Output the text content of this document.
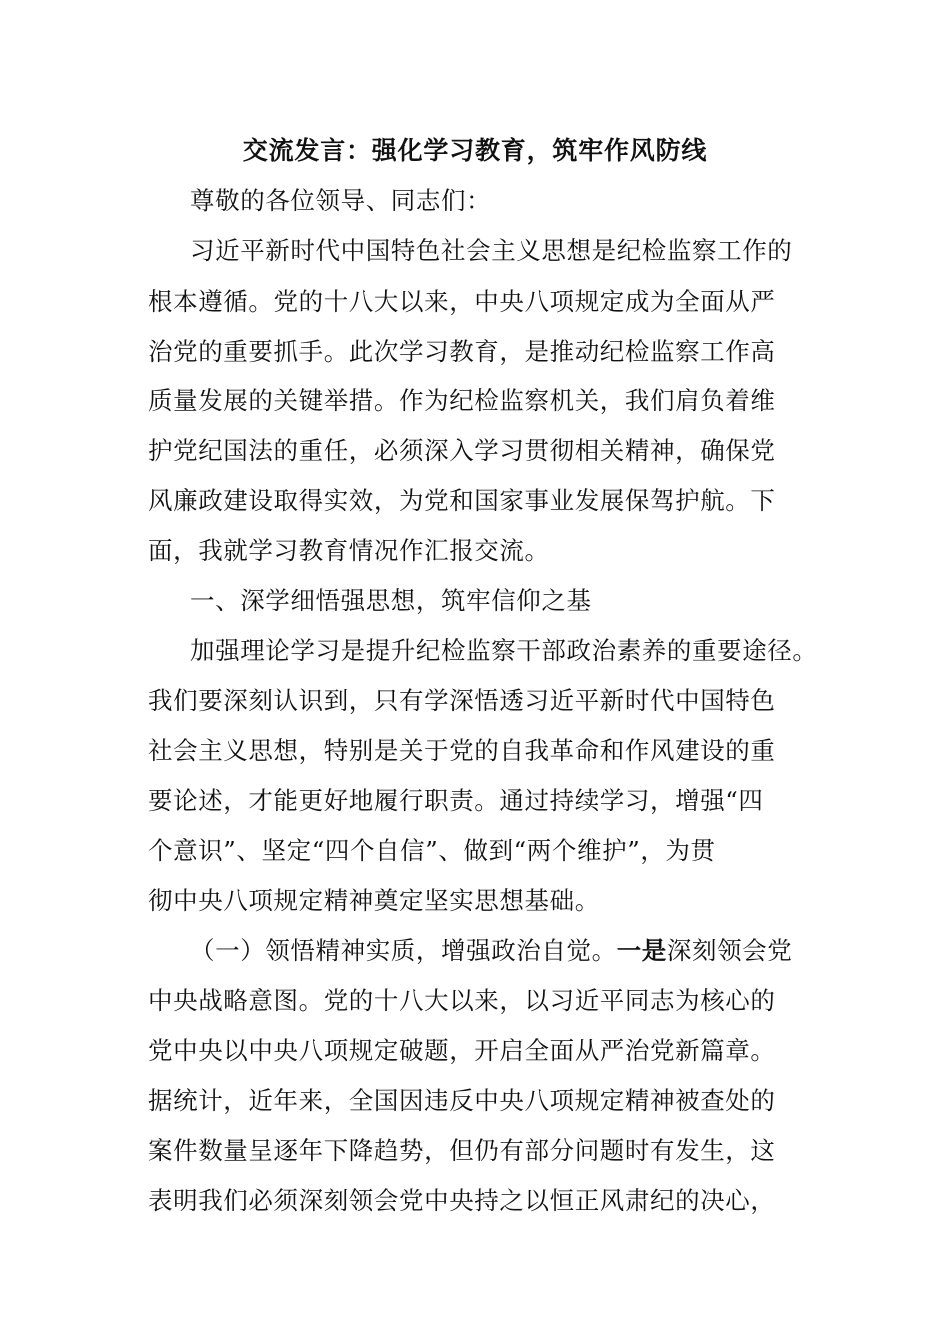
交流发言：强化学习教育，筑牢作风防线
尊敬的各位领导、同志们：
习近平新时代中国特色社会主义思想是纪检监察工作的
根本遵循。党的十八大以来，中央八项规定成为全面从严
治党的重要抓手。此次学习教育，是推动纪检监察工作高
质量发展的关键举措。作为纪检监察机关，我们肩负着维
护党纪国法的重任，必须深入学习贯彻相关精神，确保党
风廉政建设取得实效，为党和国家事业发展保驾护航。下
面，我就学习教育情况作汇报交流。
一、深学细悟强思想，筑牢信仰之基
加强理论学习是提升纪检监察干部政治素养的重要途径。
我们要深刻认识到，只有学深悟透习近平新时代中国特色
社会主义思想，特别是关于党的自我革命和作风建设的重
要论述，才能更好地履行职责。通过持续学习，增强“四
个意识”、坚定“四个自信”、做到“两个维护”，为贯
彻中央八项规定精神奠定坚实思想基础。
（一）领悟精神实质，增强政治自觉。一是深刻领会党
中央战略意图。党的十八大以来，以习近平同志为核心的
党中央以中央八项规定破题，开启全面从严治党新篇章。
据统计，近年来，全国因违反中央八项规定精神被查处的
案件数量呈逐年下降趋势，但仍有部分问题时有发生，这
表明我们必须深刻领会党中央持之以恒正风肃纪的决心，
